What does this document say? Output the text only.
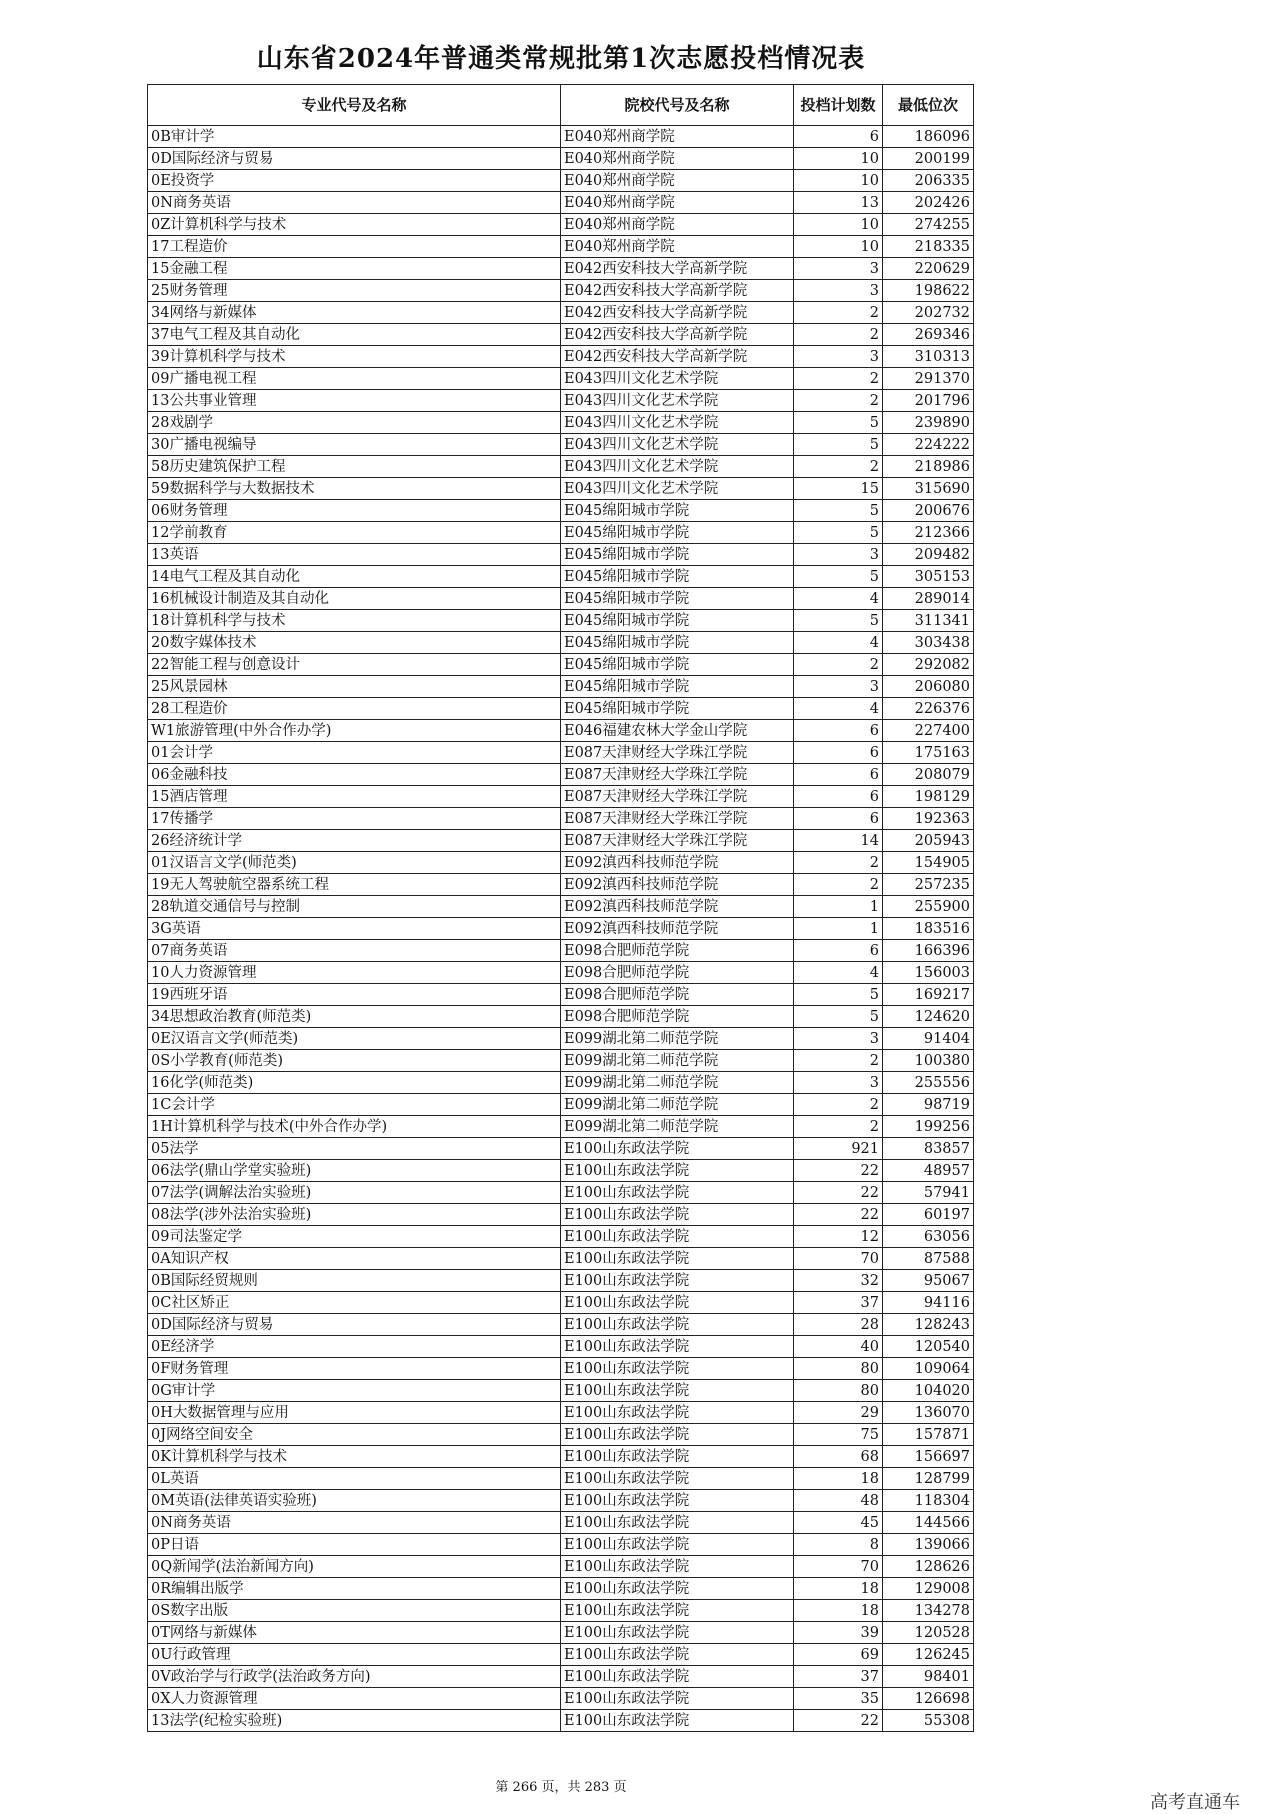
山东省2024年普通类常规批第1次志愿投档情况表
专业代号及名称	院校代号及名称	投档计划数	最低位次
0B审计学	E040郑州商学院	6	186096
0D国际经济与贸易	E040郑州商学院	10	200199
0E投资学	E040郑州商学院	10	206335
0N商务英语	E040郑州商学院	13	202426
0Z计算机科学与技术	E040郑州商学院	10	274255
17工程造价	E040郑州商学院	10	218335
15金融工程	E042西安科技大学高新学院	3	220629
25财务管理	E042西安科技大学高新学院	3	198622
34网络与新媒体	E042西安科技大学高新学院	2	202732
37电气工程及其自动化	E042西安科技大学高新学院	2	269346
39计算机科学与技术	E042西安科技大学高新学院	3	310313
09广播电视工程	E043四川文化艺术学院	2	291370
13公共事业管理	E043四川文化艺术学院	2	201796
28戏剧学	E043四川文化艺术学院	5	239890
30广播电视编导	E043四川文化艺术学院	5	224222
58历史建筑保护工程	E043四川文化艺术学院	2	218986
59数据科学与大数据技术	E043四川文化艺术学院	15	315690
06财务管理	E045绵阳城市学院	5	200676
12学前教育	E045绵阳城市学院	5	212366
13英语	E045绵阳城市学院	3	209482
14电气工程及其自动化	E045绵阳城市学院	5	305153
16机械设计制造及其自动化	E045绵阳城市学院	4	289014
18计算机科学与技术	E045绵阳城市学院	5	311341
20数字媒体技术	E045绵阳城市学院	4	303438
22智能工程与创意设计	E045绵阳城市学院	2	292082
25风景园林	E045绵阳城市学院	3	206080
28工程造价	E045绵阳城市学院	4	226376
W1旅游管理(中外合作办学)	E046福建农林大学金山学院	6	227400
01会计学	E087天津财经大学珠江学院	6	175163
06金融科技	E087天津财经大学珠江学院	6	208079
15酒店管理	E087天津财经大学珠江学院	6	198129
17传播学	E087天津财经大学珠江学院	6	192363
26经济统计学	E087天津财经大学珠江学院	14	205943
01汉语言文学(师范类)	E092滇西科技师范学院	2	154905
19无人驾驶航空器系统工程	E092滇西科技师范学院	2	257235
28轨道交通信号与控制	E092滇西科技师范学院	1	255900
3G英语	E092滇西科技师范学院	1	183516
07商务英语	E098合肥师范学院	6	166396
10人力资源管理	E098合肥师范学院	4	156003
19西班牙语	E098合肥师范学院	5	169217
34思想政治教育(师范类)	E098合肥师范学院	5	124620
0E汉语言文学(师范类)	E099湖北第二师范学院	3	91404
0S小学教育(师范类)	E099湖北第二师范学院	2	100380
16化学(师范类)	E099湖北第二师范学院	3	255556
1C会计学	E099湖北第二师范学院	2	98719
1H计算机科学与技术(中外合作办学)	E099湖北第二师范学院	2	199256
05法学	E100山东政法学院	921	83857
06法学(鼎山学堂实验班)	E100山东政法学院	22	48957
07法学(调解法治实验班)	E100山东政法学院	22	57941
08法学(涉外法治实验班)	E100山东政法学院	22	60197
09司法鉴定学	E100山东政法学院	12	63056
0A知识产权	E100山东政法学院	70	87588
0B国际经贸规则	E100山东政法学院	32	95067
0C社区矫正	E100山东政法学院	37	94116
0D国际经济与贸易	E100山东政法学院	28	128243
0E经济学	E100山东政法学院	40	120540
0F财务管理	E100山东政法学院	80	109064
0G审计学	E100山东政法学院	80	104020
0H大数据管理与应用	E100山东政法学院	29	136070
0J网络空间安全	E100山东政法学院	75	157871
0K计算机科学与技术	E100山东政法学院	68	156697
0L英语	E100山东政法学院	18	128799
0M英语(法律英语实验班)	E100山东政法学院	48	118304
0N商务英语	E100山东政法学院	45	144566
0P日语	E100山东政法学院	8	139066
0Q新闻学(法治新闻方向)	E100山东政法学院	70	128626
0R编辑出版学	E100山东政法学院	18	129008
0S数字出版	E100山东政法学院	18	134278
0T网络与新媒体	E100山东政法学院	39	120528
0U行政管理	E100山东政法学院	69	126245
0V政治学与行政学(法治政务方向)	E100山东政法学院	37	98401
0X人力资源管理	E100山东政法学院	35	126698
13法学(纪检实验班)	E100山东政法学院	22	55308
第 266 页，共 283 页
高考直通车
